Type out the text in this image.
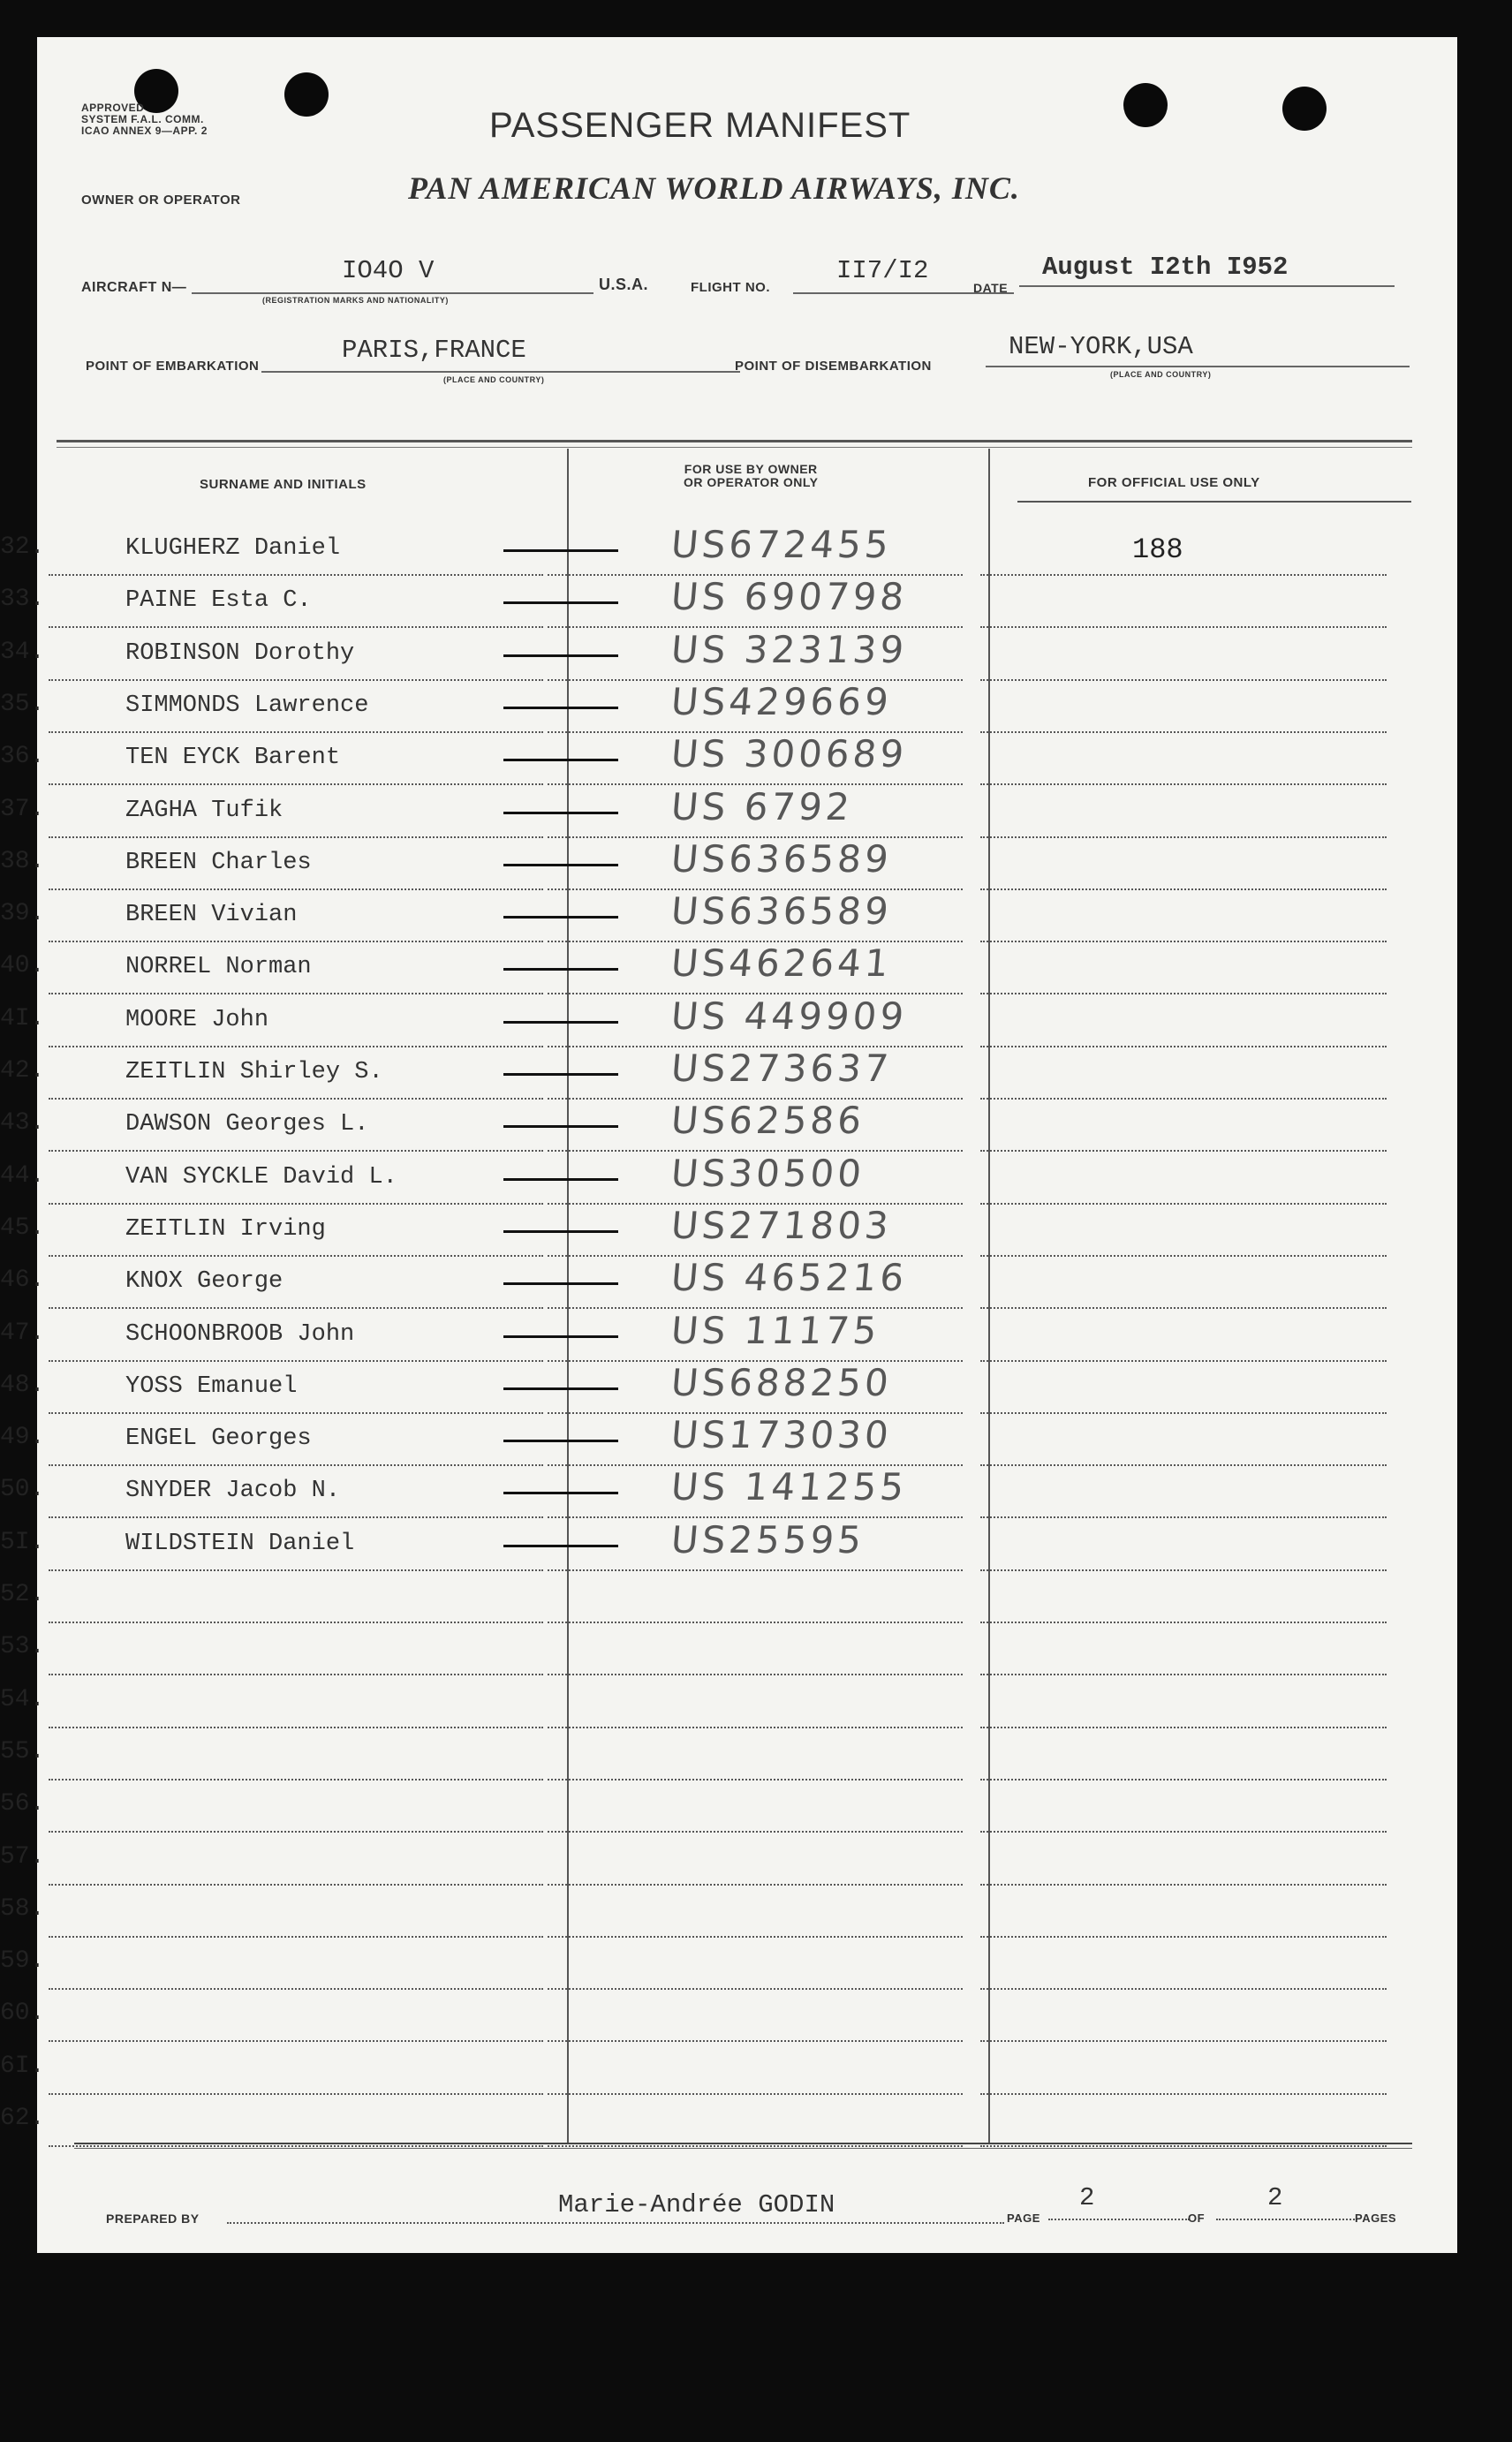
APPROVED
SYSTEM F.A.L. COMM.
ICAO ANNEX 9—APP. 2	PASSENGER MANIFEST
OWNER OR OPERATOR	PAN AMERICAN WORLD AIRWAYS, INC.
AIRCRAFT N—
IO4O V
(REGISTRATION MARKS AND NATIONALITY)
U.S.A.	FLIGHT NO.
II7/I2
DATE
August I2th I952
POINT OF EMBARKATION
PARIS,FRANCE
(PLACE AND COUNTRY)
POINT OF DISEMBARKATION
NEW-YORK,USA
(PLACE AND COUNTRY)
SURNAME AND INITIALS
FOR USE BY OWNER
OR OPERATOR ONLY	FOR OFFICIAL USE ONLY
32.	KLUGHERZ Daniel	US672455	188
33.	PAINE Esta C.	US 690798
34.	ROBINSON Dorothy	US 323139
35.	SIMMONDS Lawrence	US429669
36.	TEN EYCK Barent	US 300689
37.	ZAGHA Tufik	US 6792
38.	BREEN Charles	US636589
39.	BREEN Vivian	US636589
40.	NORREL Norman	US462641
4I.	MOORE John	US 449909
42.	ZEITLIN Shirley S.	US273637
43.	DAWSON Georges L.	US62586
44.	VAN SYCKLE David L.	US30500
45.	ZEITLIN Irving	US271803
46.	KNOX George	US 465216
47.	SCHOONBROOB John	US 11175
48.	YOSS Emanuel	US688250
49.	ENGEL Georges	US173030
50.	SNYDER Jacob N.	US 141255
5I.	WILDSTEIN Daniel	US25595
52.
53.
54.
55.
56.
57.
58.
59.
60.
6I.
62.
PREPARED BY	Marie-Andrée GODIN	PAGE
2
OF
2
PAGES
